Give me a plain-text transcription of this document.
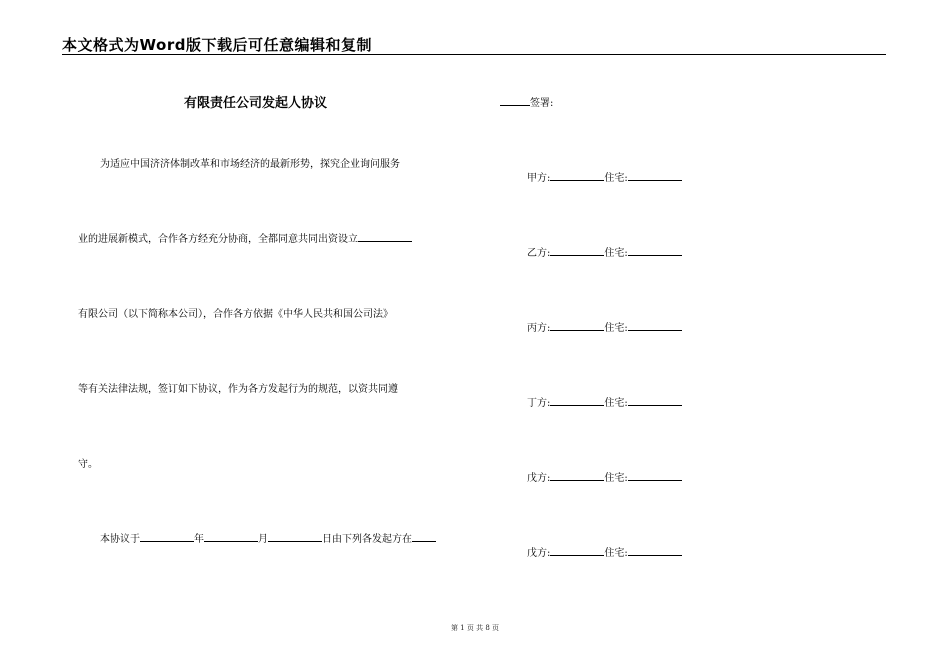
本文格式为Word版下载后可任意编辑和复制
有限责任公司发起人协议
为适应中国济济体制改革和市场经济的最新形势，探究企业询问服务
业的进展新模式，合作各方经充分协商，全都同意共同出资设立
有限公司（以下简称本公司），合作各方依据《中华人民共和国公司法》
等有关法律法规，签订如下协议，作为各方发起行为的规范，以资共同遵
守。
本协议于	年	月	日由下列各发起方在
签署:
甲方:	住宅:
乙方:	住宅:
丙方:	住宅:
丁方:	住宅:
戊方:	住宅:
戊方:	住宅:
第 1 页 共 8 页
